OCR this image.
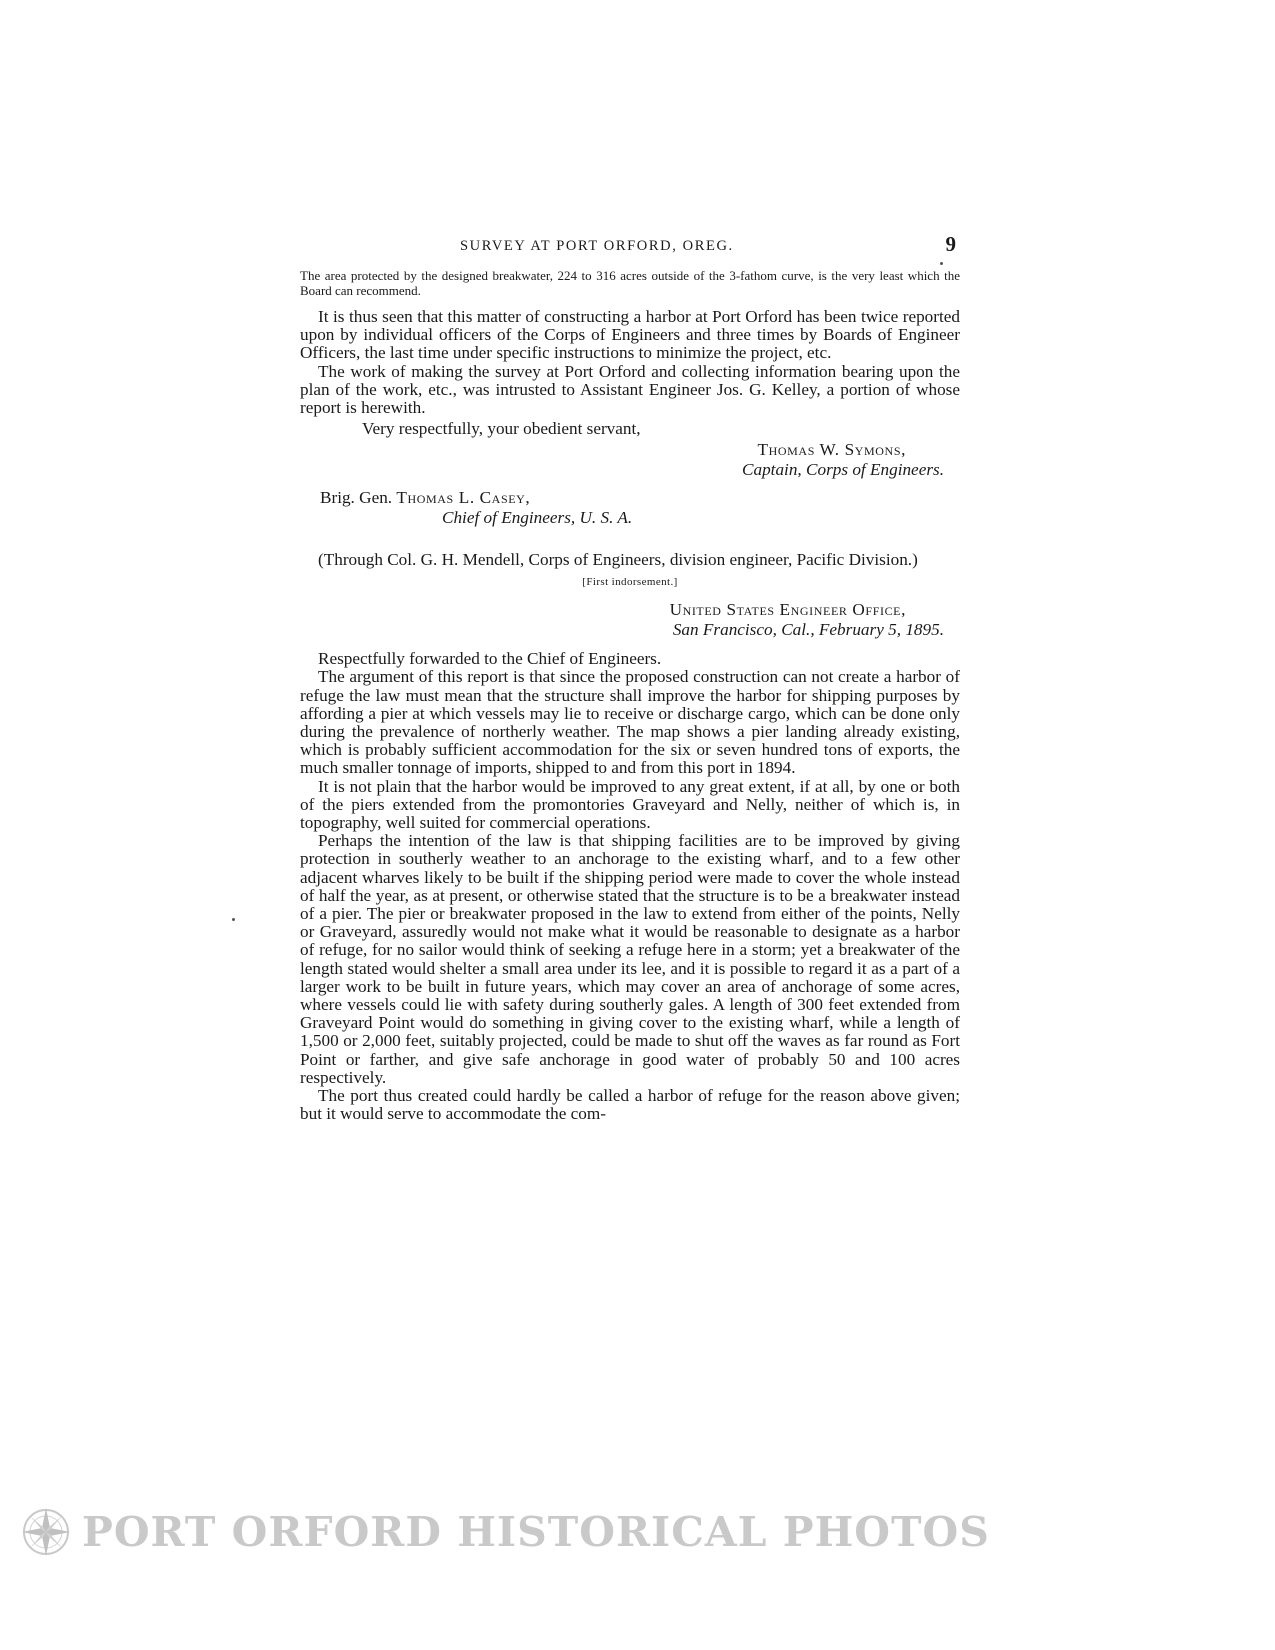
SURVEY AT PORT ORFORD, OREG.	9

The area protected by the designed breakwater, 224 to 316 acres outside of the 3-fathom curve, is the very least which the Board can recommend.

It is thus seen that this matter of constructing a harbor at Port Orford has been twice reported upon by individual officers of the Corps of Engineers and three times by Boards of Engineer Officers, the last time under specific instructions to minimize the project, etc.

The work of making the survey at Port Orford and collecting information bearing upon the plan of the work, etc., was intrusted to Assistant Engineer Jos. G. Kelley, a portion of whose report is herewith.

Very respectfully, your obedient servant,

Thomas W. Symons,
Captain, Corps of Engineers.
Brig. Gen. Thomas L. Casey,
Chief of Engineers, U. S. A.

(Through Col. G. H. Mendell, Corps of Engineers, division engineer, Pacific Division.)

[First indorsement.]

United States Engineer Office,
San Francisco, Cal., February 5, 1895.

Respectfully forwarded to the Chief of Engineers.

The argument of this report is that since the proposed construction can not create a harbor of refuge the law must mean that the structure shall improve the harbor for shipping purposes by affording a pier at which vessels may lie to receive or discharge cargo, which can be done only during the prevalence of northerly weather. The map shows a pier landing already existing, which is probably sufficient accommodation for the six or seven hundred tons of exports, the much smaller tonnage of imports, shipped to and from this port in 1894.

It is not plain that the harbor would be improved to any great extent, if at all, by one or both of the piers extended from the promontories Graveyard and Nelly, neither of which is, in topography, well suited for commercial operations.

Perhaps the intention of the law is that shipping facilities are to be improved by giving protection in southerly weather to an anchorage to the existing wharf, and to a few other adjacent wharves likely to be built if the shipping period were made to cover the whole instead of half the year, as at present, or otherwise stated that the structure is to be a breakwater instead of a pier. The pier or breakwater proposed in the law to extend from either of the points, Nelly or Graveyard, assuredly would not make what it would be reasonable to designate as a harbor of refuge, for no sailor would think of seeking a refuge here in a storm; yet a breakwater of the length stated would shelter a small area under its lee, and it is possible to regard it as a part of a larger work to be built in future years, which may cover an area of anchorage of some acres, where vessels could lie with safety during southerly gales. A length of 300 feet extended from Graveyard Point would do something in giving cover to the existing wharf, while a length of 1,500 or 2,000 feet, suitably projected, could be made to shut off the waves as far round as Fort Point or farther, and give safe anchorage in good water of probably 50 and 100 acres respectively.

The port thus created could hardly be called a harbor of refuge for the reason above given; but it would serve to accommodate the com-

PORT ORFORD HISTORICAL PHOTOS
